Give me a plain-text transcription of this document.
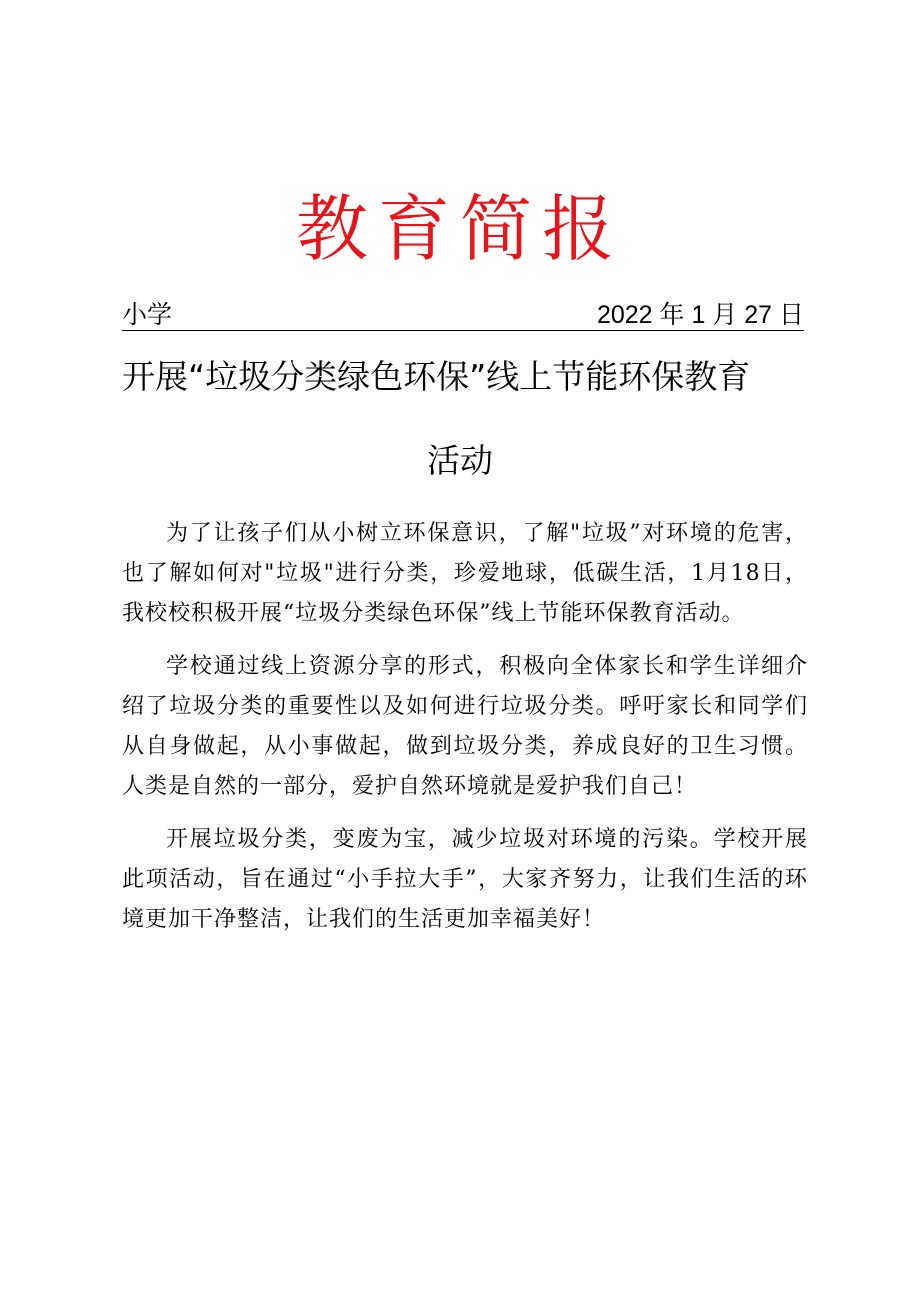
教育简报
小学	2022 年 1 月 27 日
开展“垃圾分类绿色环保”线上节能环保教育
活动

为了让孩子们从小树立环保意识，了解"垃圾”对环境的危害，也了解如何对"垃圾"进行分类，珍爱地球，低碳生活，1月18日，我校校积极开展“垃圾分类绿色环保”线上节能环保教育活动。

学校通过线上资源分享的形式，积极向全体家长和学生详细介绍了垃圾分类的重要性以及如何进行垃圾分类。呼吁家长和同学们从自身做起，从小事做起，做到垃圾分类，养成良好的卫生习惯。人类是自然的一部分，爱护自然环境就是爱护我们自己！

开展垃圾分类，变废为宝，减少垃圾对环境的污染。学校开展此项活动，旨在通过“小手拉大手”，大家齐努力，让我们生活的环境更加干净整洁，让我们的生活更加幸福美好！
